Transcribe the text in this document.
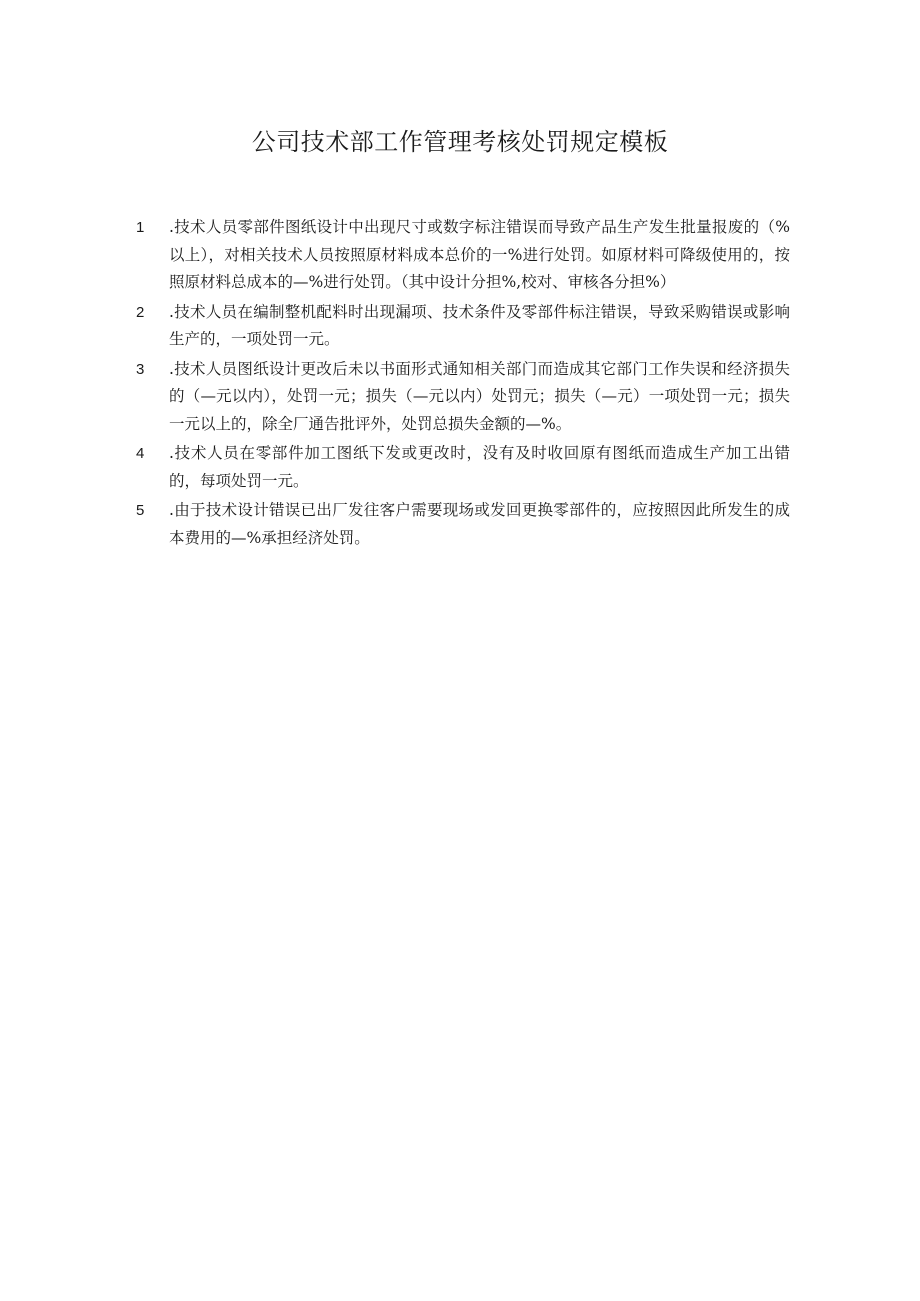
公司技术部工作管理考核处罚规定模板
1	.技术人员零部件图纸设计中出现尺寸或数字标注错误而导致产品生产发生批量报废的（%以上），对相关技术人员按照原材料成本总价的一%进行处罚。如原材料可降级使用的，按照原材料总成本的—%进行处罚。（其中设计分担%,校对、审核各分担%）
2	.技术人员在编制整机配料时出现漏项、技术条件及零部件标注错误，导致采购错误或影响生产的，一项处罚一元。
3	.技术人员图纸设计更改后未以书面形式通知相关部门而造成其它部门工作失误和经济损失的（—元以内），处罚一元；损失（—元以内）处罚元；损失（—元）一项处罚一元；损失一元以上的，除全厂通告批评外，处罚总损失金额的—%。
4	.技术人员在零部件加工图纸下发或更改时，没有及时收回原有图纸而造成生产加工出错的，每项处罚一元。
5	.由于技术设计错误已出厂发往客户需要现场或发回更换零部件的，应按照因此所发生的成本费用的—%承担经济处罚。
